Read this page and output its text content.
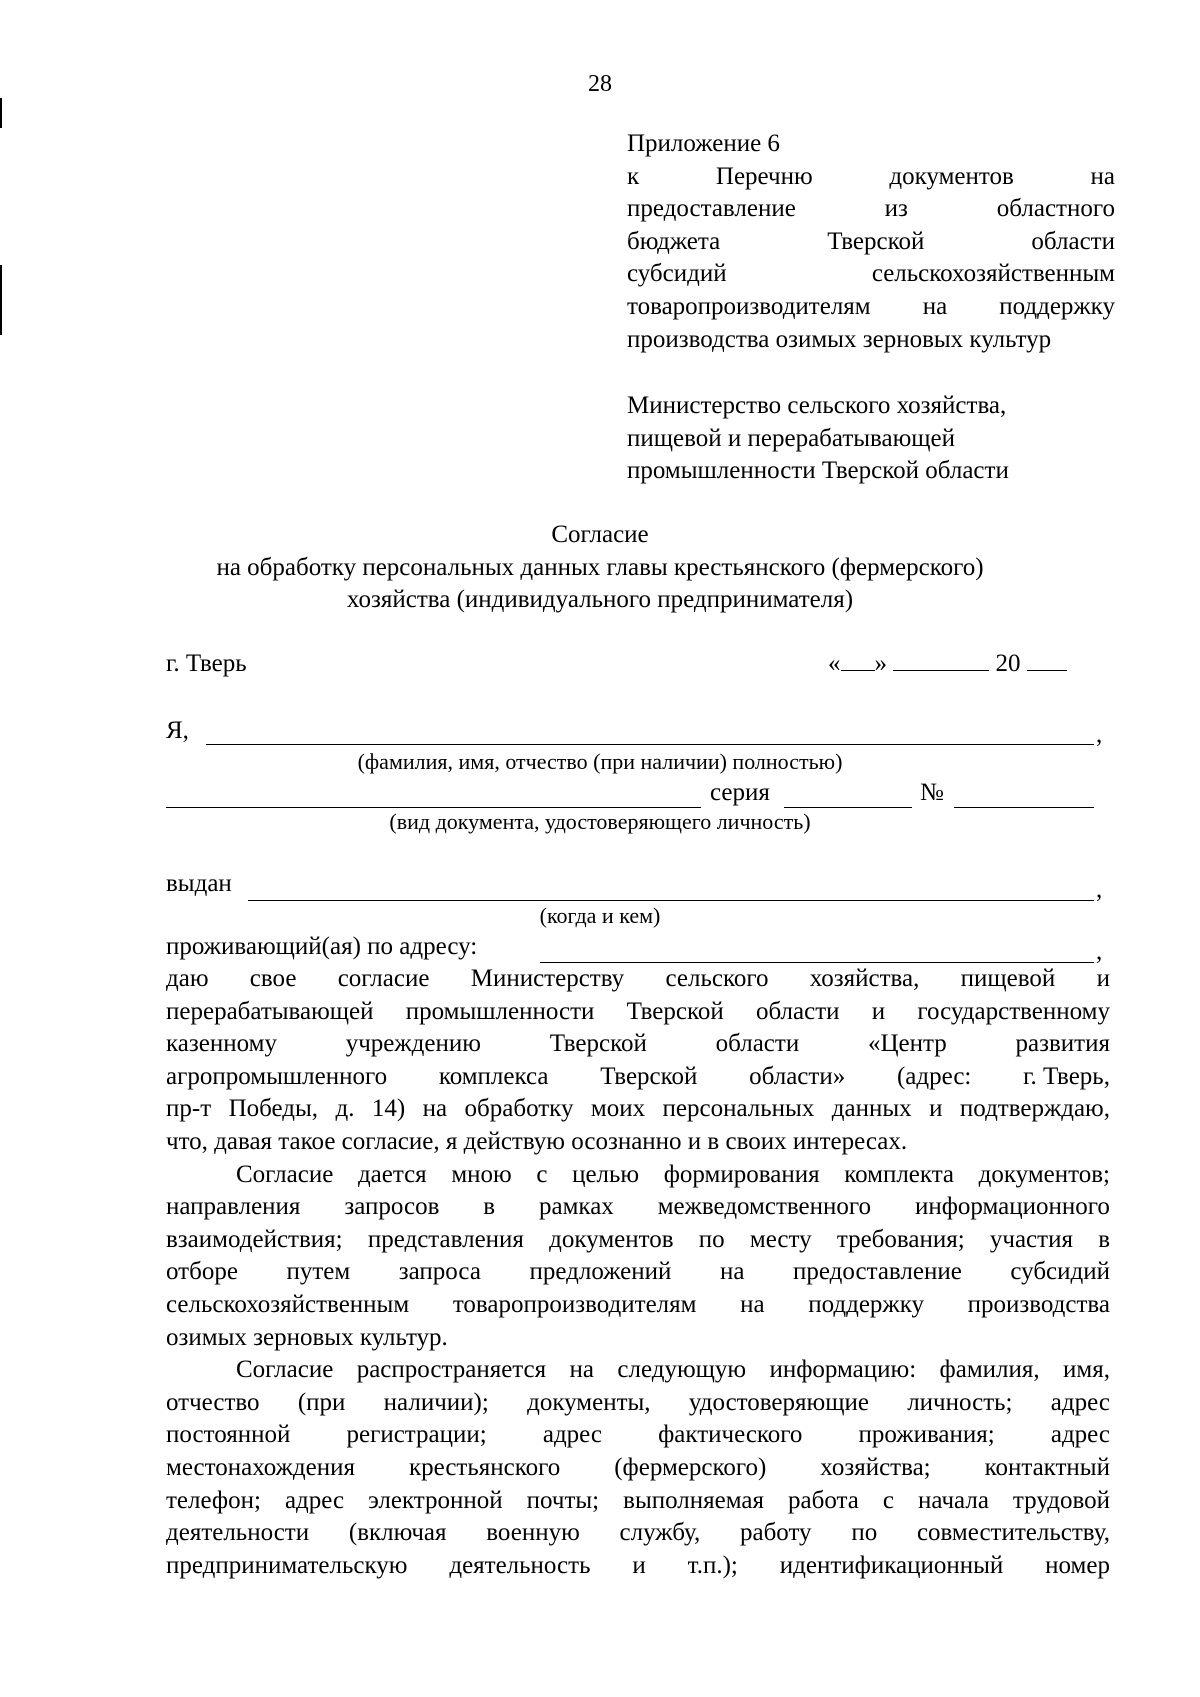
28

Приложение 6

к	Перечню	документов	на
предоставление	из	областного
бюджета	Тверской	области
субсидий	сельскохозяйственным
товаропроизводителям на поддержку

производства озимых зерновых культур

Министерство сельского хозяйства,

пищевой и перерабатывающей

промышленности Тверской области

Согласие

на обработку персональных данных главы крестьянского (фермерского)

хозяйства (индивидуального предпринимателя)

г. Тверь	« »	20
Я,	,
(фамилия, имя, отчество (при наличии) полностью)
серия	№
(вид документа, удостоверяющего личность)
выдан	,
(когда и кем)
проживающий(ая) по адресу:	,
даю свое согласие Министерству сельского хозяйства, пищевой и
перерабатывающей промышленности Тверской области и государственному
казенному	учреждению	Тверской	области	«Центр	развития
агропромышленного комплекса Тверской области» (адрес: г. Тверь,
пр-т Победы, д. 14) на обработку моих персональных данных и подтверждаю,
что, давая такое согласие, я действую осознанно и в своих интересах.
Согласие дается мною с целью формирования комплекта документов;
направления запросов в рамках межведомственного информационного
взаимодействия; представления документов по месту требования; участия в
отборе путем запроса предложений на предоставление субсидий
сельскохозяйственным товаропроизводителям на поддержку производства
озимых зерновых культур.
Согласие распространяется на следующую информацию: фамилия, имя,
отчество (при наличии); документы, удостоверяющие личность; адрес
постоянной регистрации; адрес фактического проживания; адрес
местонахождения крестьянского (фермерского) хозяйства; контактный
телефон; адрес электронной почты; выполняемая работа с начала трудовой
деятельности (включая военную службу, работу по совместительству,
предпринимательскую деятельность и т.п.); идентификационный номер
